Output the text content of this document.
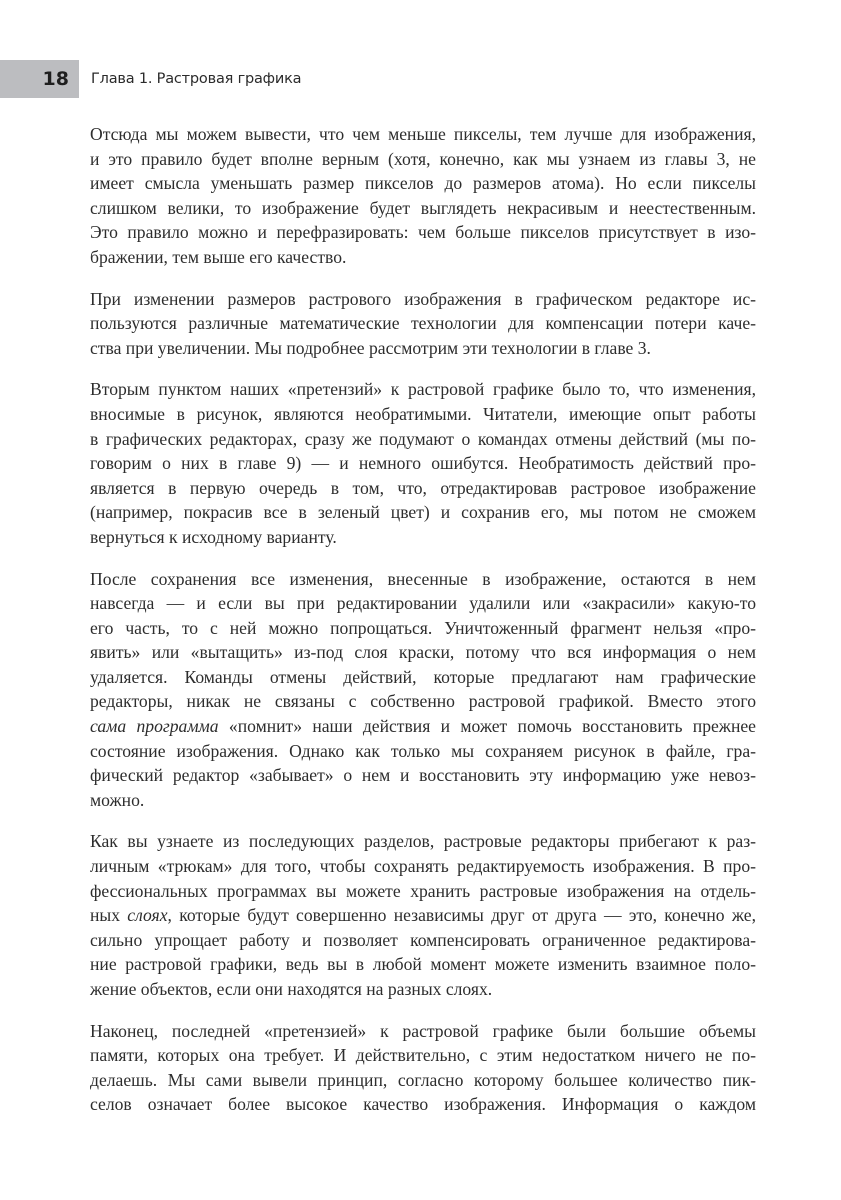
18 Глава 1. Растровая графика

Отсюда мы можем вывести, что чем меньше пикселы, тем лучше для изображения,
и это правило будет вполне верным (хотя, конечно, как мы узнаем из главы 3, не
имеет смысла уменьшать размер пикселов до размеров атома). Но если пикселы
слишком велики, то изображение будет выглядеть некрасивым и неестественным.
Это правило можно и перефразировать: чем больше пикселов присутствует в изо-
бражении, тем выше его качество.

При изменении размеров растрового изображения в графическом редакторе ис-
пользуются различные математические технологии для компенсации потери каче-
ства при увеличении. Мы подробнее рассмотрим эти технологии в главе 3.

Вторым пунктом наших «претензий» к растровой графике было то, что изменения,
вносимые в рисунок, являются необратимыми. Читатели, имеющие опыт работы
в графических редакторах, сразу же подумают о командах отмены действий (мы по-
говорим о них в главе 9) — и немного ошибутся. Необратимость действий про-
является в первую очередь в том, что, отредактировав растровое изображение
(например, покрасив все в зеленый цвет) и сохранив его, мы потом не сможем
вернуться к исходному варианту.

После сохранения все изменения, внесенные в изображение, остаются в нем
навсегда — и если вы при редактировании удалили или «закрасили» какую-то
его часть, то с ней можно попрощаться. Уничтоженный фрагмент нельзя «про-
явить» или «вытащить» из-под слоя краски, потому что вся информация о нем
удаляется. Команды отмены действий, которые предлагают нам графические
редакторы, никак не связаны с собственно растровой графикой. Вместо этого
сама программа «помнит» наши действия и может помочь восстановить прежнее
состояние изображения. Однако как только мы сохраняем рисунок в файле, гра-
фический редактор «забывает» о нем и восстановить эту информацию уже невоз-
можно.

Как вы узнаете из последующих разделов, растровые редакторы прибегают к раз-
личным «трюкам» для того, чтобы сохранять редактируемость изображения. В про-
фессиональных программах вы можете хранить растровые изображения на отдель-
ных слоях, которые будут совершенно независимы друг от друга — это, конечно же,
сильно упрощает работу и позволяет компенсировать ограниченное редактирова-
ние растровой графики, ведь вы в любой момент можете изменить взаимное поло-
жение объектов, если они находятся на разных слоях.

Наконец, последней «претензией» к растровой графике были большие объемы
памяти, которых она требует. И действительно, с этим недостатком ничего не по-
делаешь. Мы сами вывели принцип, согласно которому большее количество пик-
селов означает более высокое качество изображения. Информация о каждом
